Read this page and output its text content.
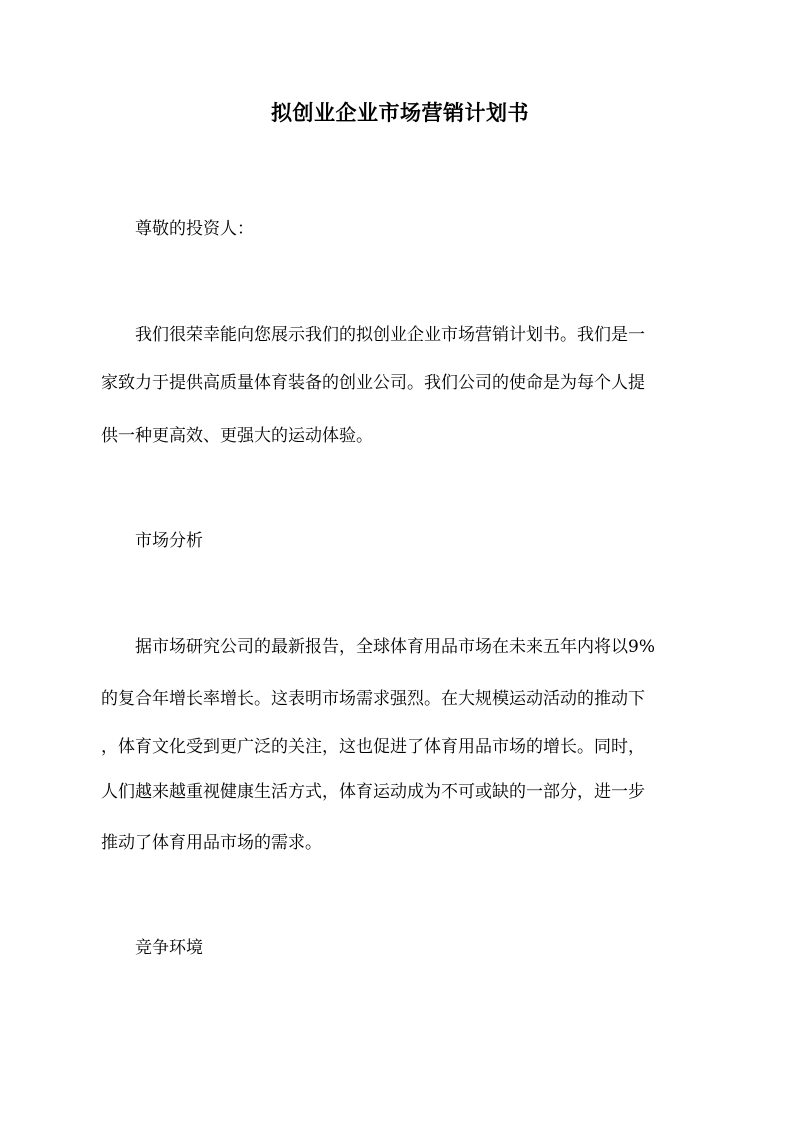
拟创业企业市场营销计划书
尊敬的投资人：
我们很荣幸能向您展示我们的拟创业企业市场营销计划书。我们是一
家致力于提供高质量体育装备的创业公司。我们公司的使命是为每个人提
供一种更高效、更强大的运动体验。
市场分析
据市场研究公司的最新报告，全球体育用品市场在未来五年内将以9%
的复合年增长率增长。这表明市场需求强烈。在大规模运动活动的推动下
，体育文化受到更广泛的关注，这也促进了体育用品市场的增长。同时，
人们越来越重视健康生活方式，体育运动成为不可或缺的一部分，进一步
推动了体育用品市场的需求。
竞争环境
